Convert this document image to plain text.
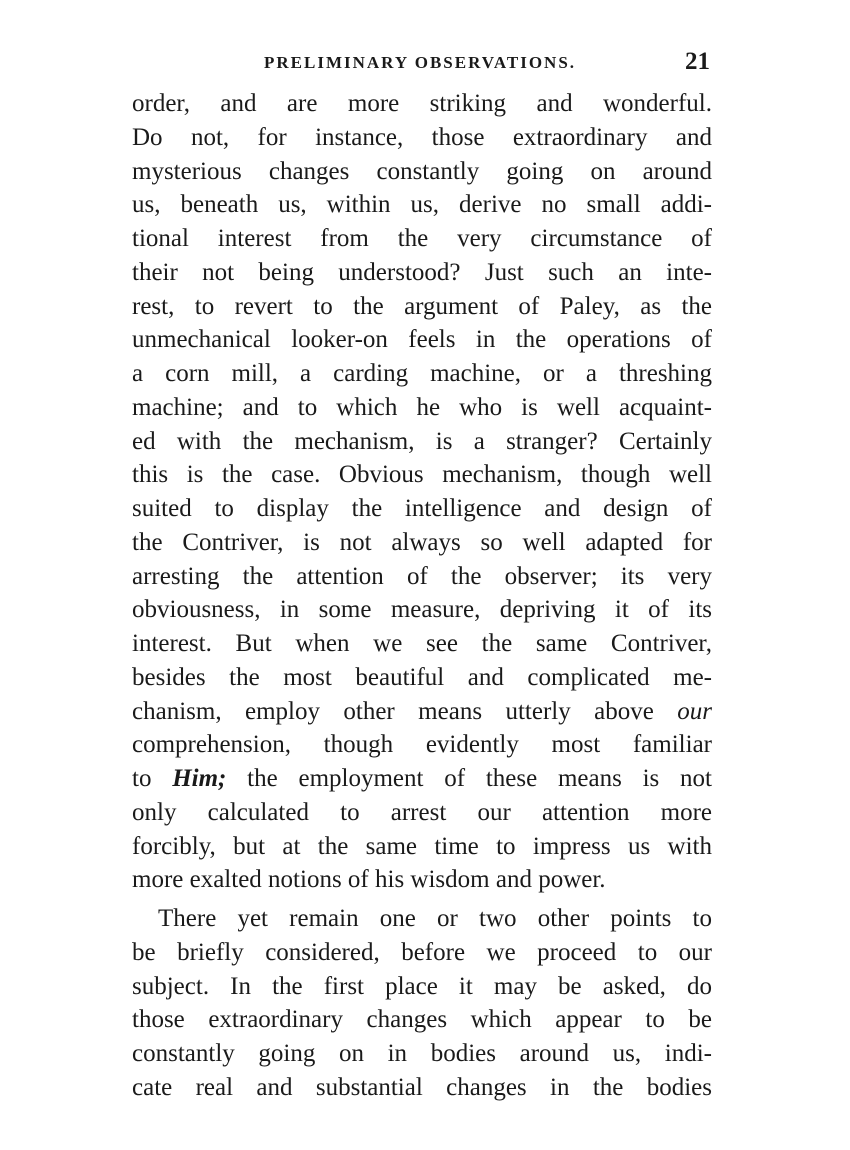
PRELIMINARY OBSERVATIONS.	21
order, and are more striking and wonderful.
Do not, for instance, those extraordinary and
mysterious changes constantly going on around
us, beneath us, within us, derive no small addi-
tional interest from the very circumstance of
their not being understood? Just such an inte-
rest, to revert to the argument of Paley, as the
unmechanical looker-on feels in the operations of
a corn mill, a carding machine, or a threshing
machine; and to which he who is well acquaint-
ed with the mechanism, is a stranger? Certainly
this is the case. Obvious mechanism, though well
suited to display the intelligence and design of
the Contriver, is not always so well adapted for
arresting the attention of the observer; its very
obviousness, in some measure, depriving it of its
interest. But when we see the same Contriver,
besides the most beautiful and complicated me-
chanism, employ other means utterly above our
comprehension, though evidently most familiar
to Him; the employment of these means is not
only calculated to arrest our attention more
forcibly, but at the same time to impress us with
more exalted notions of his wisdom and power.
There yet remain one or two other points to
be briefly considered, before we proceed to our
subject. In the first place it may be asked, do
those extraordinary changes which appear to be
constantly going on in bodies around us, indi-
cate real and substantial changes in the bodies
